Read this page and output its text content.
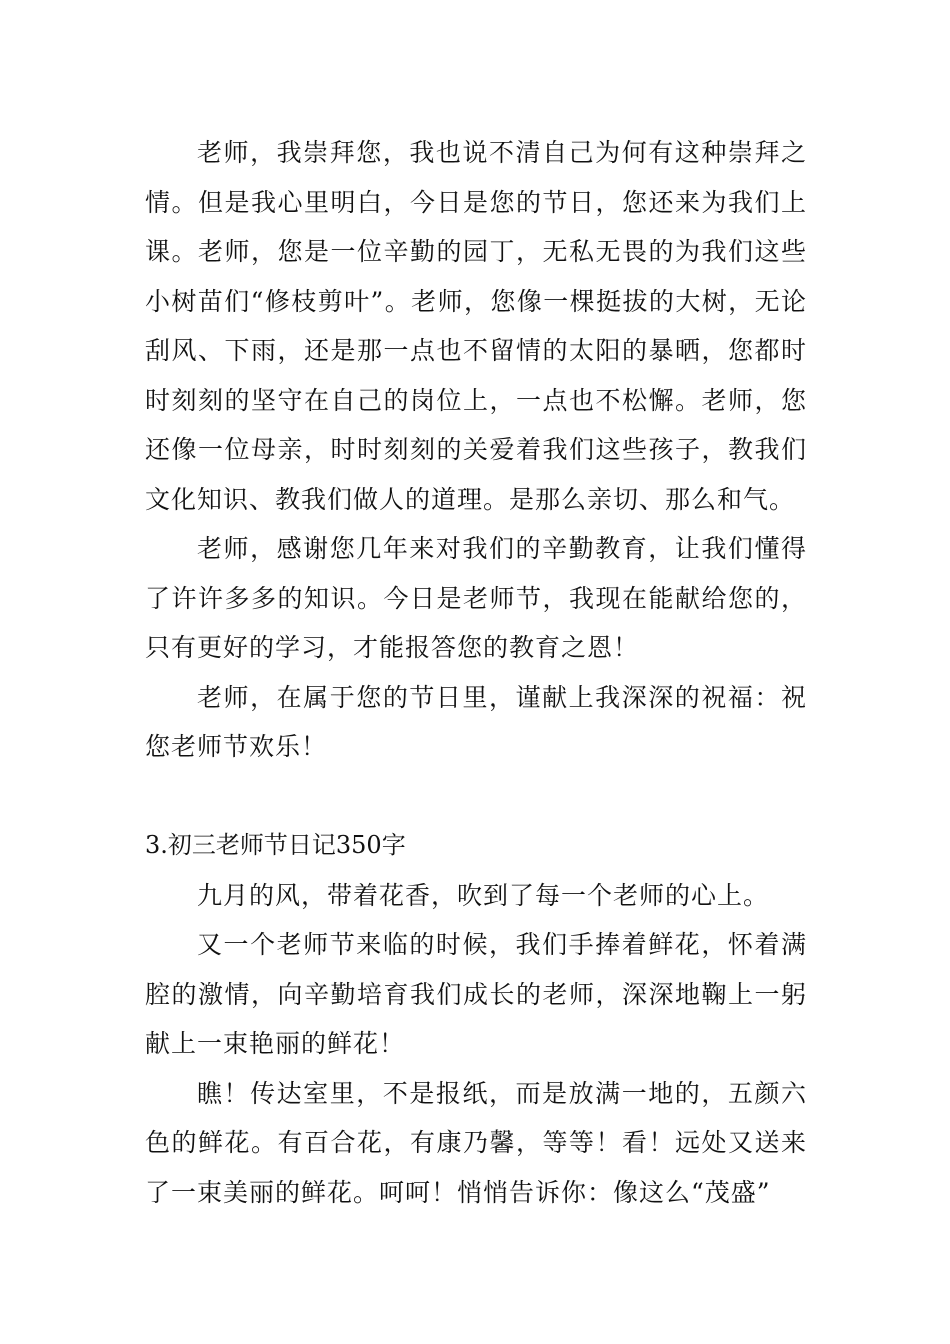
老师，我崇拜您，我也说不清自己为何有这种崇拜之情。但是我心里明白，今日是您的节日，您还来为我们上课。老师，您是一位辛勤的园丁，无私无畏的为我们这些小树苗们“修枝剪叶”。老师，您像一棵挺拔的大树，无论刮风、下雨，还是那一点也不留情的太阳的暴晒，您都时时刻刻的坚守在自己的岗位上，一点也不松懈。老师，您还像一位母亲，时时刻刻的关爱着我们这些孩子，教我们文化知识、教我们做人的道理。是那么亲切、那么和气。

老师，感谢您几年来对我们的辛勤教育，让我们懂得了许许多多的知识。今日是老师节，我现在能献给您的，只有更好的学习，才能报答您的教育之恩！

老师，在属于您的节日里，谨献上我深深的祝福：祝您老师节欢乐！

3.初三老师节日记350字

九月的风，带着花香，吹到了每一个老师的心上。

又一个老师节来临的时候，我们手捧着鲜花，怀着满腔的激情，向辛勤培育我们成长的老师，深深地鞠上一躬献上一束艳丽的鲜花！

瞧！传达室里，不是报纸，而是放满一地的，五颜六色的鲜花。有百合花，有康乃馨，等等！看！远处又送来了一束美丽的鲜花。呵呵！悄悄告诉你：像这么“茂盛”
